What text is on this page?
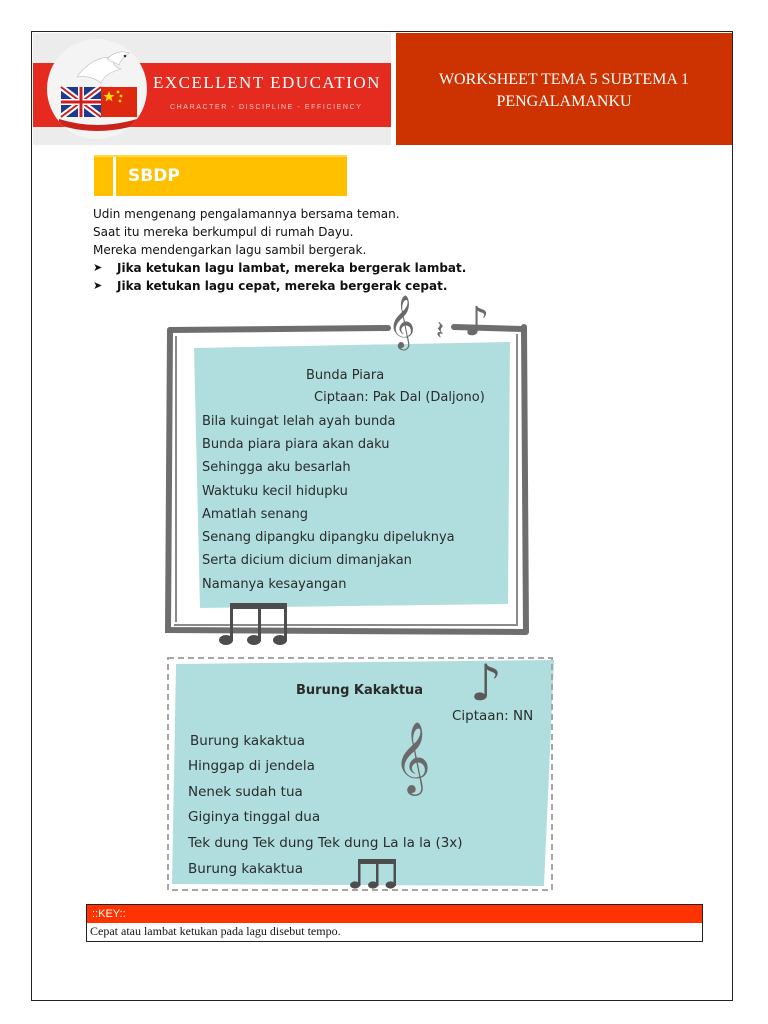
EXCELLENT EDUCATION
CHARACTER - DISCIPLINE - EFFICIENCY
WORKSHEET TEMA 5 SUBTEMA 1
PENGALAMANKU
SBDP
Udin mengenang pengalamannya bersama teman.
Saat itu mereka berkumpul di rumah Dayu.
Mereka mendengarkan lagu sambil bergerak.
➤	Jika ketukan lagu lambat, mereka bergerak lambat.
➤	Jika ketukan lagu cepat, mereka bergerak cepat.
𝄞 𝄽 ♪
Bunda Piara
Ciptaan: Pak Dal (Daljono)
Bila kuingat lelah ayah bunda
Bunda piara piara akan daku
Sehingga aku besarlah
Waktuku kecil hidupku
Amatlah senang
Senang dipangku dipangku dipeluknya
Serta dicium dicium dimanjakan
Namanya kesayangan
♪
𝄞
Burung Kakaktua
Ciptaan: NN
Burung kakaktua
Hinggap di jendela
Nenek sudah tua
Giginya tinggal dua
Tek dung Tek dung Tek dung La la la (3x)
Burung kakaktua
::KEY::
Cepat atau lambat ketukan pada lagu disebut tempo.
